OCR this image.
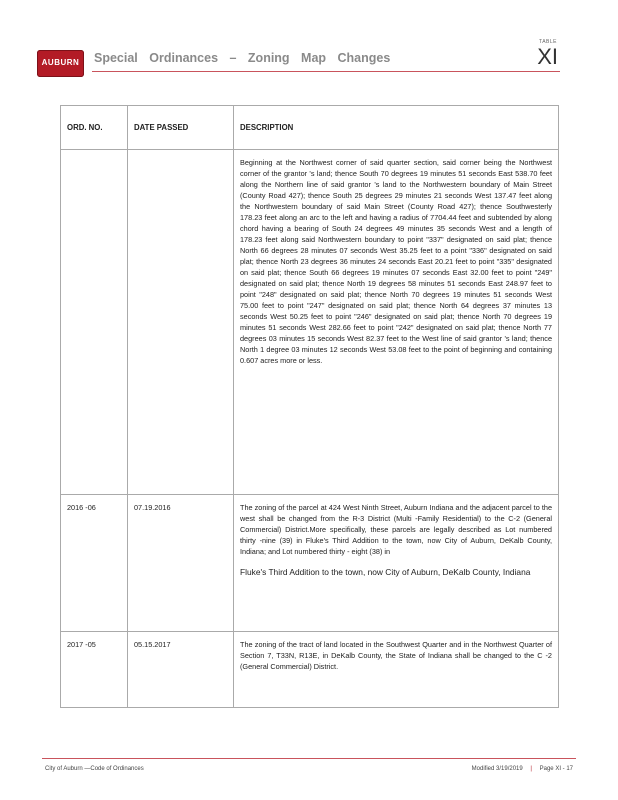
AUBURN	Special Ordinances – Zoning Map Changes
TABLE
XI
ORD. NO.	DATE PASSED	DESCRIPTION

		Beginning at the Northwest corner of said quarter section, said corner being the Northwest corner of the grantor 's land; thence South 70 degrees 19 minutes 51 seconds East 538.70 feet along the Northern line of said grantor 's land to the Northwestern boundary of Main Street (County Road 427); thence South 25 degrees 29 minutes 21 seconds West 137.47 feet along the Northwestern boundary of said Main Street (County Road 427); thence Southwesterly 178.23 feet along an arc to the left and having a radius of 7704.44 feet and subtended by along chord having a bearing of South 24 degrees 49 minutes 35 seconds West and a length of 178.23 feet along said Northwestern boundary to point "337" designated on said plat; thence North 66 degrees 28 minutes 07 seconds West 35.25 feet to a point "336" designated on said plat; thence North 23 degrees 36 minutes 24 seconds East 20.21 feet to point "335" designated on said plat; thence South 66 degrees 19 minutes 07 seconds East 32.00 feet to point "249" designated on said plat; thence North 19 degrees 58 minutes 51 seconds East 248.97 feet to point "248" designated on said plat; thence North 70 degrees 19 minutes 51 seconds West 75.00 feet to point "247" designated on said plat; thence North 64 degrees 37 minutes 13 seconds West 50.25 feet to point "246" designated on said plat; thence North 70 degrees 19 minutes 51 seconds West 282.66 feet to point "242" designated on said plat; thence North 77 degrees 03 minutes 15 seconds West 82.37 feet to the West line of said grantor 's land; thence North 1 degree 03 minutes 12 seconds West 53.08 feet to the point of beginning and containing 0.607 acres more or less.

2016 -06	07.19.2016	The zoning of the parcel at 424 West Ninth Street, Auburn Indiana and the adjacent parcel to the west shall be changed from the R-3 District (Multi -Family Residential) to the C-2 (General Commercial) District.More specifically, these parcels are legally described as Lot numbered thirty -nine (39) in Fluke's Third Addition to the town, now City of Auburn, DeKalb County, Indiana; and Lot numbered thirty - eight (38) in

Fluke's Third Addition to the town, now City of Auburn, DeKalb County, Indiana

2017 -05	05.15.2017	The zoning of the tract of land located in the Southwest Quarter and in the Northwest Quarter of Section 7, T33N, R13E, in DeKalb County, the State of Indiana shall be changed to the C -2 (General Commercial) District.

City of Auburn —Code of Ordinances	Modified 3/19/2019 | Page XI - 17
